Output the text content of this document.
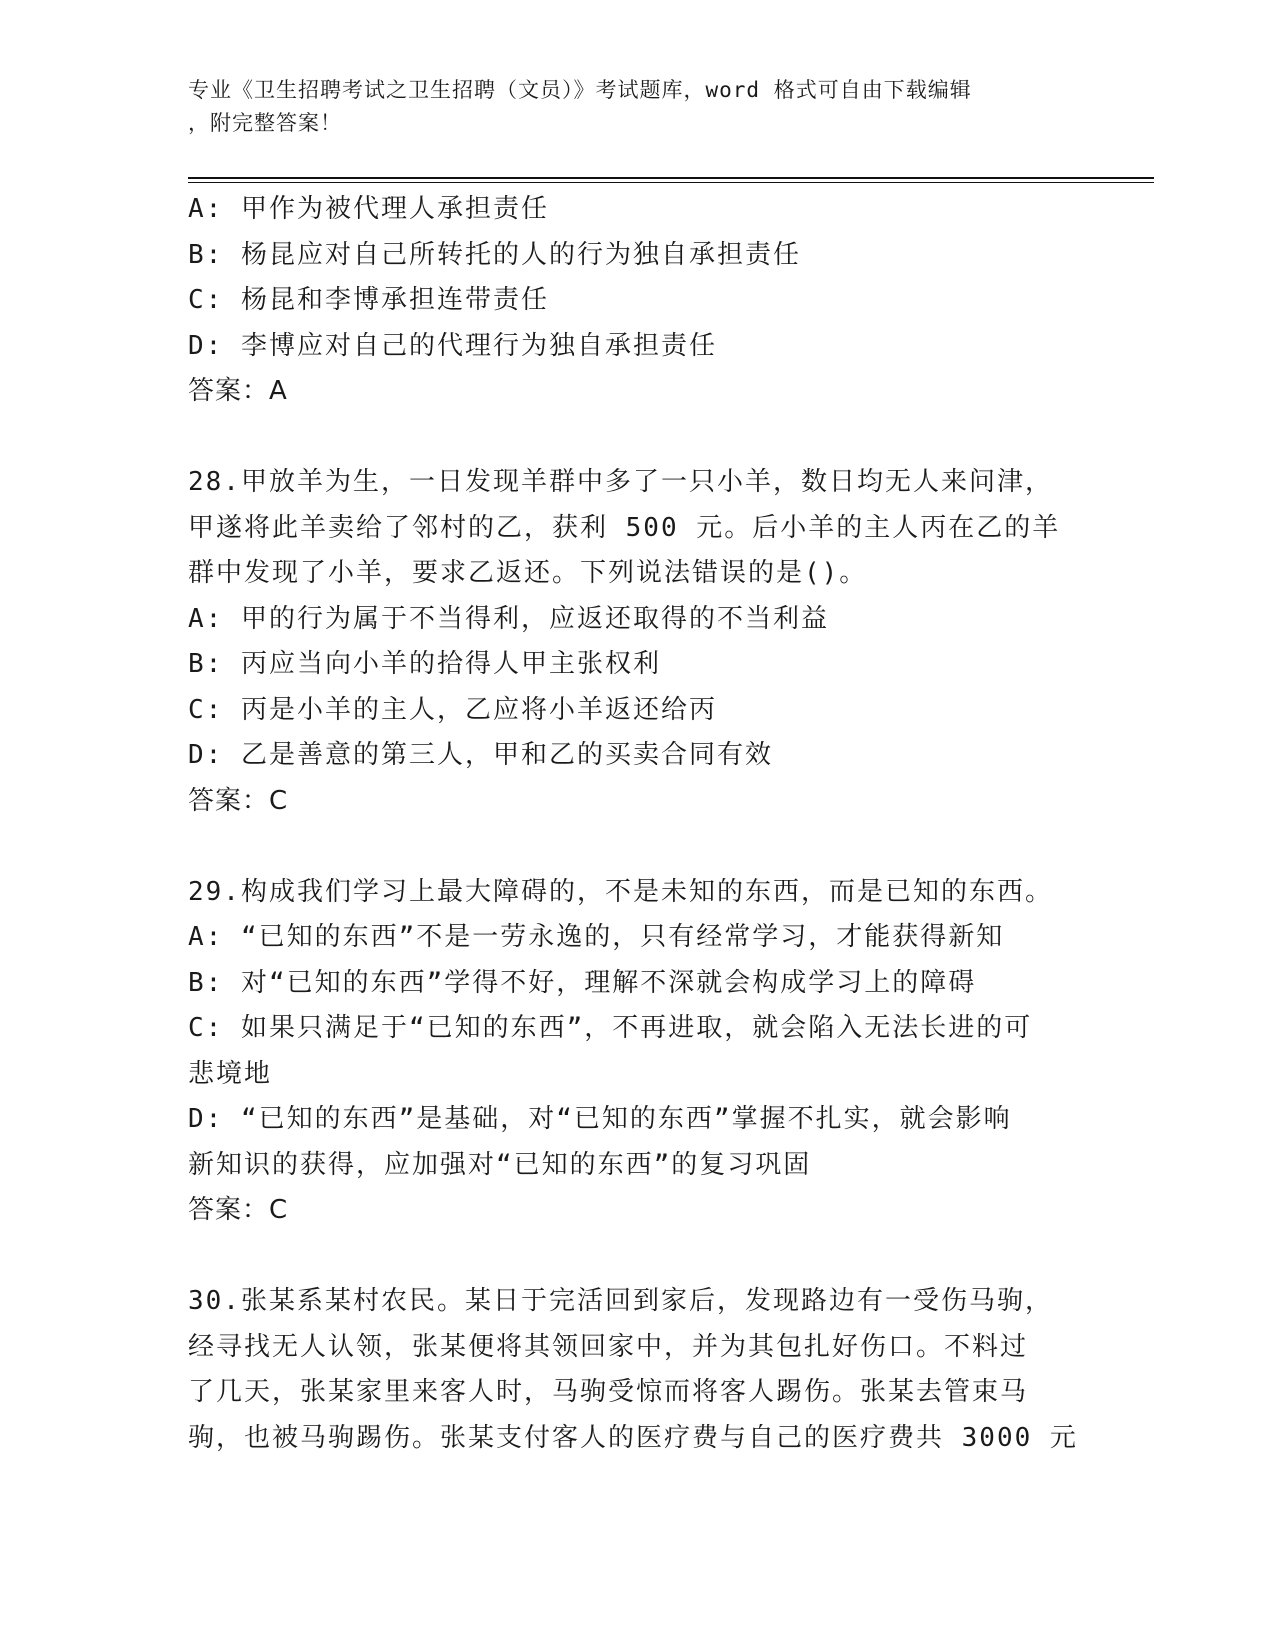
专业《卫生招聘考试之卫生招聘（文员）》考试题库，word 格式可自由下载编辑
，附完整答案！
A: 甲作为被代理人承担责任
B: 杨昆应对自己所转托的人的行为独自承担责任
C: 杨昆和李博承担连带责任
D: 李博应对自己的代理行为独自承担责任
答案：A
28.甲放羊为生，一日发现羊群中多了一只小羊，数日均无人来问津，
甲遂将此羊卖给了邻村的乙，获利 500 元。后小羊的主人丙在乙的羊
群中发现了小羊，要求乙返还。下列说法错误的是()。
A: 甲的行为属于不当得利，应返还取得的不当利益
B: 丙应当向小羊的拾得人甲主张权利
C: 丙是小羊的主人，乙应将小羊返还给丙
D: 乙是善意的第三人，甲和乙的买卖合同有效
答案：C
29.构成我们学习上最大障碍的，不是未知的东西，而是已知的东西。
A: “已知的东西”不是一劳永逸的，只有经常学习，才能获得新知
B: 对“已知的东西”学得不好，理解不深就会构成学习上的障碍
C: 如果只满足于“已知的东西”，不再进取，就会陷入无法长进的可
悲境地
D: “已知的东西”是基础，对“已知的东西”掌握不扎实，就会影响
新知识的获得，应加强对“已知的东西”的复习巩固
答案：C
30.张某系某村农民。某日于完活回到家后，发现路边有一受伤马驹，
经寻找无人认领，张某便将其领回家中，并为其包扎好伤口。不料过
了几天，张某家里来客人时，马驹受惊而将客人踢伤。张某去管束马
驹，也被马驹踢伤。张某支付客人的医疗费与自己的医疗费共 3000 元
